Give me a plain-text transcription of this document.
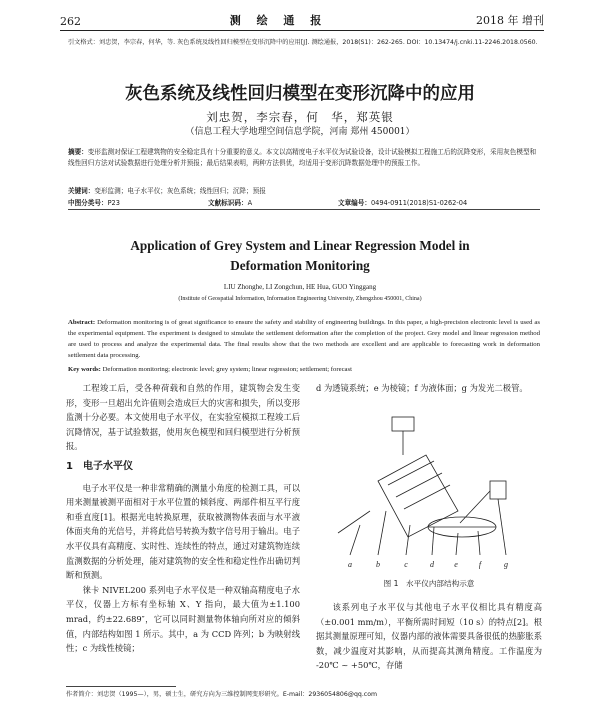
262	测 绘 通 报	2018 年 增刊
引文格式：刘忠贺，李宗春，何华，等. 灰色系统及线性回归模型在变形沉降中的应用[J]. 测绘通报，2018(S1)：262-265. DOI：10.13474/j.cnki.11-2246.2018.0560.
灰色系统及线性回归模型在变形沉降中的应用
刘忠贺，李宗春，何　华，郑英银
（信息工程大学地理空间信息学院，河南 郑州 450001）
摘要：变形监测对保证工程建筑物的安全稳定具有十分重要的意义。本文以高精度电子水平仪为试验设备，设计试验模拟工程施工后的沉降变形，采用灰色模型和线性回归方法对试验数据进行处理分析并预报；最后结果表明，两种方法俱优，均适用于变形沉降数据处理中的预报工作。
关键词：变形监测；电子水平仪；灰色系统；线性回归；沉降；预报
中图分类号：P23	文献标识码：A	文章编号：0494-0911(2018)S1-0262-04
Application of Grey System and Linear Regression Model in
Deformation Monitoring
LIU Zhonghe, LI Zongchun, HE Hua, GUO Yinggang
(Institute of Geospatial Information, Information Engineering University, Zhengzhou 450001, China)
Abstract: Deformation monitoring is of great significance to ensure the safety and stability of engineering buildings. In this paper, a high-precision electronic level is used as the experimental equipment. The experiment is designed to simulate the settlement deformation after the completion of the project. Grey model and linear regression method are used to process and analyze the experimental data. The final results show that the two methods are excellent and are applicable to forecasting work in deformation settlement data processing.
Key words: Deformation monitoring; electronic level; grey system; linear regression; settlement; forecast

工程竣工后，受各种荷载和自然的作用，建筑物会发生变形，变形一旦超出允许值则会造成巨大的灾害和损失，所以变形监测十分必要。本文使用电子水平仪，在实验室模拟工程竣工后沉降情况，基于试验数据，使用灰色模型和回归模型进行分析预报。

1　电子水平仪

电子水平仪是一种非常精确的测量小角度的检测工具，可以用来测量被测平面相对于水平位置的倾斜度、两部件相互平行度和垂直度[1]。根据光电转换原理，获取被测物体表面与水平液体面夹角的光信号，并将此信号转换为数字信号用于输出。电子水平仪具有高精度、实时性、连续性的特点，通过对建筑物连续监测数据的分析处理，能对建筑物的安全性和稳定性作出确切判断和预测。

徕卡 NIVEL200 系列电子水平仪是一种双轴高精度电子水平仪，仪器上方标有坐标轴 X、Y 指向，最大值为±1.100 mrad，约±22.689″，它可以同时测量物体轴向所对应的倾斜值，内部结构如图 1 所示。其中，a 为 CCD 阵列；b 为映射线性；c 为线性棱镜；

d 为透镜系统；e 为棱镜；f 为液体面；g 为发光二极管。

a	b	c	d	e	f	g
图 1　水平仪内部结构示意

该系列电子水平仪与其他电子水平仪相比具有精度高（±0.001 mm/m），平衡所需时间短（10 s）的特点[2]。根据其测量原理可知，仪器内部的液体需要具备很低的热膨胀系数，减少温度对其影响，从而提高其测角精度。工作温度为 -20℃ ~ +50℃，存储

作者简介：刘忠贺（1995—），男，硕士生，研究方向为三维控制网变形研究。E-mail：2936054806@qq.com
